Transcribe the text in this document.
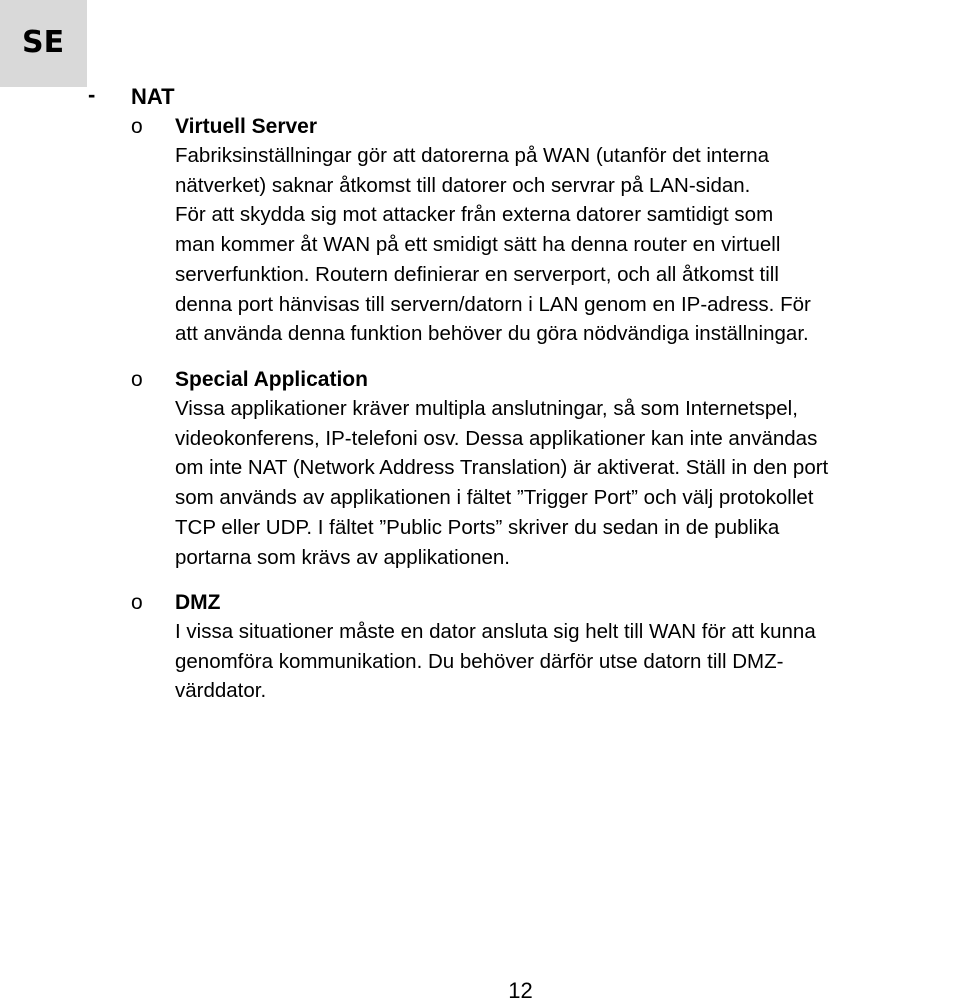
SE
- NAT
o Virtuell Server

Fabriksinställningar gör att datorerna på WAN (utanför det interna
nätverket) saknar åtkomst till datorer och servrar på LAN-sidan.
För att skydda sig mot attacker från externa datorer samtidigt som
man kommer åt WAN på ett smidigt sätt ha denna router en virtuell
serverfunktion. Routern definierar en serverport, och all åtkomst till
denna port hänvisas till servern/datorn i LAN genom en IP-adress. För
att använda denna funktion behöver du göra nödvändiga inställningar.

o Special Application

Vissa applikationer kräver multipla anslutningar, så som Internetspel,
videokonferens, IP-telefoni osv. Dessa applikationer kan inte användas
om inte NAT (Network Address Translation) är aktiverat. Ställ in den port
som används av applikationen i fältet ”Trigger Port” och välj protokollet
TCP eller UDP. I fältet ”Public Ports” skriver du sedan in de publika
portarna som krävs av applikationen.

o DMZ

I vissa situationer måste en dator ansluta sig helt till WAN för att kunna
genomföra kommunikation. Du behöver därför utse datorn till DMZ-
värddator.

12
